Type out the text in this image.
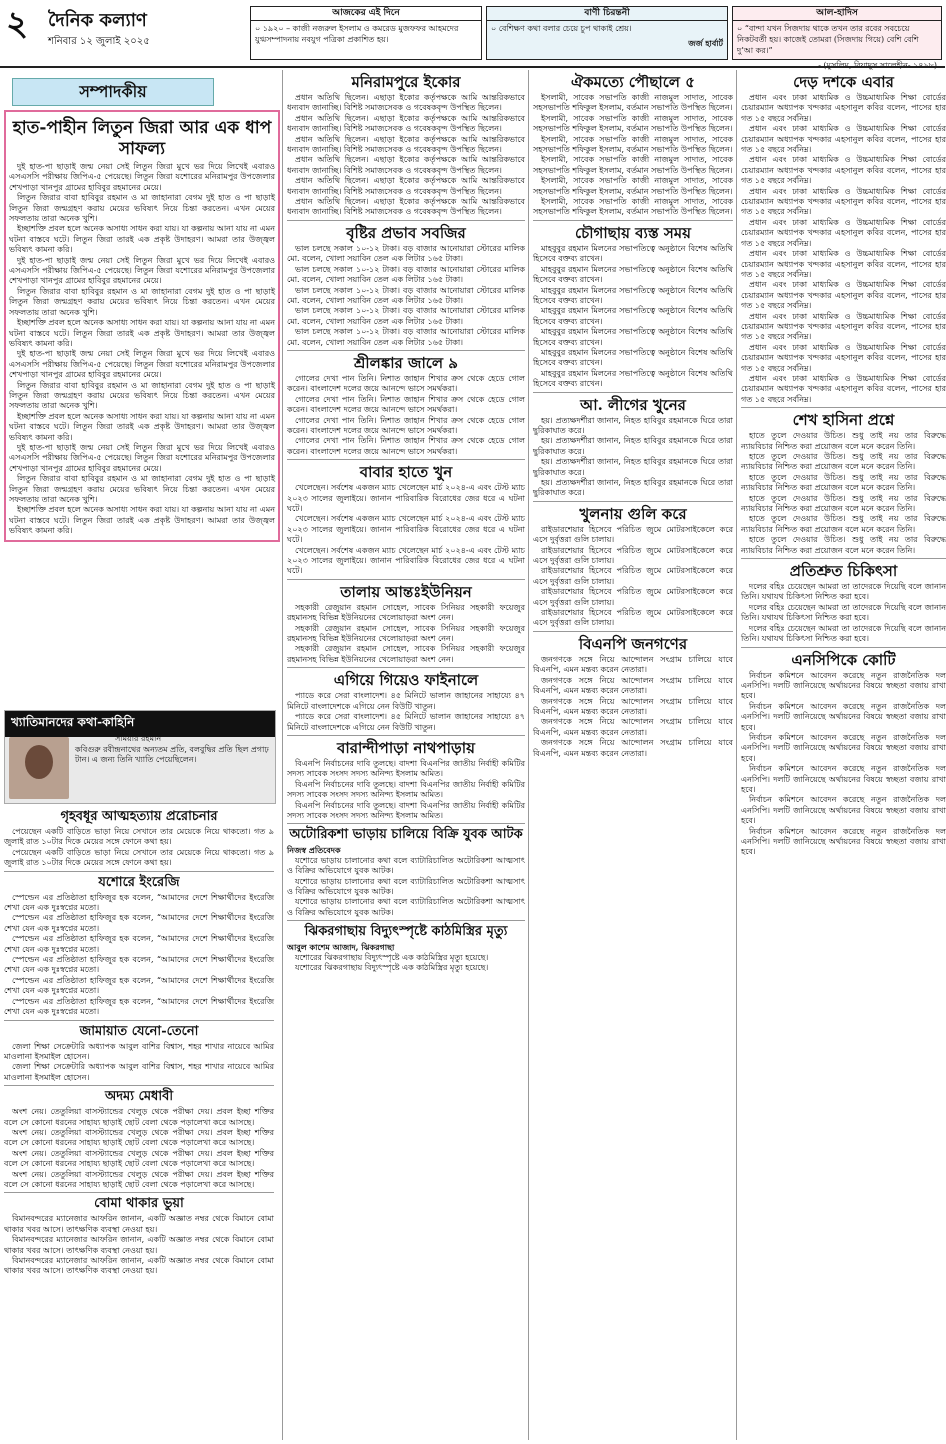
২	দৈনিক কল্যাণ
শনিবার ১২ জুলাই ২০২৫
আজকের এই দিনে
০ ১৯২০ – কাজী নজরুল ইসলাম ও কমরেড মুজফফর আহমদের যুগ্মসম্পাদনায় নবযুগ পত্রিকা প্রকাশিত হয়।
বাণী চিরন্তনী
০ বেশিক্ষণ কথা বলার চেয়ে চুপ থাকাই শ্রেয়।
জর্জ হার্বার্ট
আল-হাদিস
০ “বান্দা যখন সিজদায় থাকে তখন তার রবের সবচেয়ে নিকটবর্তী হয়। কাজেই তোমরা (সিজদায় গিয়ে) বেশি বেশি দু’আ কর।”
সম্পাদকীয়
হাত-পাহীন লিতুন জিরা আর এক ধাপ সাফল্য

দুই হাত-পা ছাড়াই জন্ম নেয়া সেই লিতুন জিরা মুখে ভর দিয়ে লিখেই এবারও এসএসসি পরীক্ষায় জিপিএ-৫ পেয়েছে। লিতুন জিরা যশোরের মনিরামপুর উপজেলার শেখপাড়া খানপুর গ্রামের হাবিবুর রহমানের মেয়ে।

লিতুন জিরার বাবা হাবিবুর রহমান ও মা জাহানারা বেগম দুই হাত ও পা ছাড়াই লিতুন জিরা জন্মগ্রহণ করায় মেয়ের ভবিষ্যৎ নিয়ে চিন্তা করতেন। এখন মেয়ের সফলতায় তারা অনেক খুশি।

ইচ্ছাশক্তি প্রবল হলে অনেক অসাধ্য সাধন করা যায়। যা কল্পনায় আনা যায় না এমন ঘটনা বাস্তবে ঘটে। লিতুন জিরা তারই এক প্রকৃষ্ট উদাহরণ। আমরা তার উজ্জ্বল ভবিষ্যৎ কামনা করি।

দুই হাত-পা ছাড়াই জন্ম নেয়া সেই লিতুন জিরা মুখে ভর দিয়ে লিখেই এবারও এসএসসি পরীক্ষায় জিপিএ-৫ পেয়েছে। লিতুন জিরা যশোরের মনিরামপুর উপজেলার শেখপাড়া খানপুর গ্রামের হাবিবুর রহমানের মেয়ে।

লিতুন জিরার বাবা হাবিবুর রহমান ও মা জাহানারা বেগম দুই হাত ও পা ছাড়াই লিতুন জিরা জন্মগ্রহণ করায় মেয়ের ভবিষ্যৎ নিয়ে চিন্তা করতেন। এখন মেয়ের সফলতায় তারা অনেক খুশি।

ইচ্ছাশক্তি প্রবল হলে অনেক অসাধ্য সাধন করা যায়। যা কল্পনায় আনা যায় না এমন ঘটনা বাস্তবে ঘটে। লিতুন জিরা তারই এক প্রকৃষ্ট উদাহরণ। আমরা তার উজ্জ্বল ভবিষ্যৎ কামনা করি।

দুই হাত-পা ছাড়াই জন্ম নেয়া সেই লিতুন জিরা মুখে ভর দিয়ে লিখেই এবারও এসএসসি পরীক্ষায় জিপিএ-৫ পেয়েছে। লিতুন জিরা যশোরের মনিরামপুর উপজেলার শেখপাড়া খানপুর গ্রামের হাবিবুর রহমানের মেয়ে।

লিতুন জিরার বাবা হাবিবুর রহমান ও মা জাহানারা বেগম দুই হাত ও পা ছাড়াই লিতুন জিরা জন্মগ্রহণ করায় মেয়ের ভবিষ্যৎ নিয়ে চিন্তা করতেন। এখন মেয়ের সফলতায় তারা অনেক খুশি।

ইচ্ছাশক্তি প্রবল হলে অনেক অসাধ্য সাধন করা যায়। যা কল্পনায় আনা যায় না এমন ঘটনা বাস্তবে ঘটে। লিতুন জিরা তারই এক প্রকৃষ্ট উদাহরণ। আমরা তার উজ্জ্বল ভবিষ্যৎ কামনা করি।

দুই হাত-পা ছাড়াই জন্ম নেয়া সেই লিতুন জিরা মুখে ভর দিয়ে লিখেই এবারও এসএসসি পরীক্ষায় জিপিএ-৫ পেয়েছে। লিতুন জিরা যশোরের মনিরামপুর উপজেলার শেখপাড়া খানপুর গ্রামের হাবিবুর রহমানের মেয়ে।

লিতুন জিরার বাবা হাবিবুর রহমান ও মা জাহানারা বেগম দুই হাত ও পা ছাড়াই লিতুন জিরা জন্মগ্রহণ করায় মেয়ের ভবিষ্যৎ নিয়ে চিন্তা করতেন। এখন মেয়ের সফলতায় তারা অনেক খুশি।

ইচ্ছাশক্তি প্রবল হলে অনেক অসাধ্য সাধন করা যায়। যা কল্পনায় আনা যায় না এমন ঘটনা বাস্তবে ঘটে। লিতুন জিরা তারই এক প্রকৃষ্ট উদাহরণ। আমরা তার উজ্জ্বল ভবিষ্যৎ কামনা করি।

খ্যাতিমানদের কথা-কাহিনি
সমিয়ার রহমান
কবিগুরু রবীন্দ্রনাথের অন্যতম প্রতি, বলবুদ্বির প্রতি ছিল প্রগাঢ় টান। এ জন্য তিনি খ্যাতি পেয়েছিলেন।
গৃহবধূর আত্মহত্যায় প্ররোচনার

পেয়েছেন একটি বাড়িতে ভাড়া নিয়ে সেখানে তার মেয়েকে নিয়ে থাকতো। গত ৯ জুলাই রাত ১০টার দিকে মেয়ের সঙ্গে ফোনে কথা হয়।

পেয়েছেন একটি বাড়িতে ভাড়া নিয়ে সেখানে তার মেয়েকে নিয়ে থাকতো। গত ৯ জুলাই রাত ১০টার দিকে মেয়ের সঙ্গে ফোনে কথা হয়।

যশোরে ইংরেজি

স্পেল্ডেন এর প্রতিষ্ঠাতা হাফিজুর হক বলেন, “আমাদের দেশে শিক্ষার্থীদের ইংরেজি শেখা যেন এক দুঃস্বপ্নের মতো।

স্পেল্ডেন এর প্রতিষ্ঠাতা হাফিজুর হক বলেন, “আমাদের দেশে শিক্ষার্থীদের ইংরেজি শেখা যেন এক দুঃস্বপ্নের মতো।

স্পেল্ডেন এর প্রতিষ্ঠাতা হাফিজুর হক বলেন, “আমাদের দেশে শিক্ষার্থীদের ইংরেজি শেখা যেন এক দুঃস্বপ্নের মতো।

স্পেল্ডেন এর প্রতিষ্ঠাতা হাফিজুর হক বলেন, “আমাদের দেশে শিক্ষার্থীদের ইংরেজি শেখা যেন এক দুঃস্বপ্নের মতো।

স্পেল্ডেন এর প্রতিষ্ঠাতা হাফিজুর হক বলেন, “আমাদের দেশে শিক্ষার্থীদের ইংরেজি শেখা যেন এক দুঃস্বপ্নের মতো।

স্পেল্ডেন এর প্রতিষ্ঠাতা হাফিজুর হক বলেন, “আমাদের দেশে শিক্ষার্থীদের ইংরেজি শেখা যেন এক দুঃস্বপ্নের মতো।

জামায়াত যেনো-তেনো

জেলা শিক্ষা সেক্রেটারি অধ্যাপক আবুল বাশির বিশ্বাস, শহর শাখার নায়েবে আমির মাওলানা ইসমাইল হোসেন।

জেলা শিক্ষা সেক্রেটারি অধ্যাপক আবুল বাশির বিশ্বাস, শহর শাখার নায়েবে আমির মাওলানা ইসমাইল হোসেন।

অদম্য মেধাবী

অংশ নেয়। তেতুলিয়া বাসস্ট্যান্ডের খেলুড় থেকে পরীক্ষা দেয়। প্রবল ইচ্ছা শক্তির বলে সে কোনো ধরনের সাহায্য ছাড়াই ছোট বেলা থেকে পড়ালেখা করে আসছে।

অংশ নেয়। তেতুলিয়া বাসস্ট্যান্ডের খেলুড় থেকে পরীক্ষা দেয়। প্রবল ইচ্ছা শক্তির বলে সে কোনো ধরনের সাহায্য ছাড়াই ছোট বেলা থেকে পড়ালেখা করে আসছে।

অংশ নেয়। তেতুলিয়া বাসস্ট্যান্ডের খেলুড় থেকে পরীক্ষা দেয়। প্রবল ইচ্ছা শক্তির বলে সে কোনো ধরনের সাহায্য ছাড়াই ছোট বেলা থেকে পড়ালেখা করে আসছে।

অংশ নেয়। তেতুলিয়া বাসস্ট্যান্ডের খেলুড় থেকে পরীক্ষা দেয়। প্রবল ইচ্ছা শক্তির বলে সে কোনো ধরনের সাহায্য ছাড়াই ছোট বেলা থেকে পড়ালেখা করে আসছে।

বোমা থাকার ভুয়া

বিমানবন্দরের ম্যানেজার আফরিন জানান, একটি অজ্ঞাত নম্বর থেকে বিমানে বোমা থাকার খবর আসে। তাৎক্ষণিক ব্যবস্থা নেওয়া হয়।

বিমানবন্দরের ম্যানেজার আফরিন জানান, একটি অজ্ঞাত নম্বর থেকে বিমানে বোমা থাকার খবর আসে। তাৎক্ষণিক ব্যবস্থা নেওয়া হয়।

বিমানবন্দরের ম্যানেজার আফরিন জানান, একটি অজ্ঞাত নম্বর থেকে বিমানে বোমা থাকার খবর আসে। তাৎক্ষণিক ব্যবস্থা নেওয়া হয়।

মনিরামপুরে ইকোর

প্রধান অতিথি ছিলেন। এছাড়া ইকোর কর্তৃপক্ষকে আমি আন্তরিকভাবে ধন্যবাদ জানাচ্ছি। বিশিষ্ট সমাজসেবক ও গবেষকবৃন্দ উপস্থিত ছিলেন।

প্রধান অতিথি ছিলেন। এছাড়া ইকোর কর্তৃপক্ষকে আমি আন্তরিকভাবে ধন্যবাদ জানাচ্ছি। বিশিষ্ট সমাজসেবক ও গবেষকবৃন্দ উপস্থিত ছিলেন।

প্রধান অতিথি ছিলেন। এছাড়া ইকোর কর্তৃপক্ষকে আমি আন্তরিকভাবে ধন্যবাদ জানাচ্ছি। বিশিষ্ট সমাজসেবক ও গবেষকবৃন্দ উপস্থিত ছিলেন।

প্রধান অতিথি ছিলেন। এছাড়া ইকোর কর্তৃপক্ষকে আমি আন্তরিকভাবে ধন্যবাদ জানাচ্ছি। বিশিষ্ট সমাজসেবক ও গবেষকবৃন্দ উপস্থিত ছিলেন।

প্রধান অতিথি ছিলেন। এছাড়া ইকোর কর্তৃপক্ষকে আমি আন্তরিকভাবে ধন্যবাদ জানাচ্ছি। বিশিষ্ট সমাজসেবক ও গবেষকবৃন্দ উপস্থিত ছিলেন।

প্রধান অতিথি ছিলেন। এছাড়া ইকোর কর্তৃপক্ষকে আমি আন্তরিকভাবে ধন্যবাদ জানাচ্ছি। বিশিষ্ট সমাজসেবক ও গবেষকবৃন্দ উপস্থিত ছিলেন।

বৃষ্টির প্রভাব সবজির

ভাল চলছে সকাল ১০-১২ টাকা। বড় বাজার আনোয়ারা স্টোরের মালিক মো. বলেন, খোলা সয়াবিন তেল এক লিটার ১৬৫ টাকা।

ভাল চলছে সকাল ১০-১২ টাকা। বড় বাজার আনোয়ারা স্টোরের মালিক মো. বলেন, খোলা সয়াবিন তেল এক লিটার ১৬৫ টাকা।

ভাল চলছে সকাল ১০-১২ টাকা। বড় বাজার আনোয়ারা স্টোরের মালিক মো. বলেন, খোলা সয়াবিন তেল এক লিটার ১৬৫ টাকা।

ভাল চলছে সকাল ১০-১২ টাকা। বড় বাজার আনোয়ারা স্টোরের মালিক মো. বলেন, খোলা সয়াবিন তেল এক লিটার ১৬৫ টাকা।

ভাল চলছে সকাল ১০-১২ টাকা। বড় বাজার আনোয়ারা স্টোরের মালিক মো. বলেন, খোলা সয়াবিন তেল এক লিটার ১৬৫ টাকা।

শ্রীলঙ্কার জালে ৯

গোলের দেখা পান তিনি। নিশাত জাহান শিখার ক্রস থেকে হেডে গোল করেন। বাংলাদেশ দলের জয়ে আনন্দে ভাসে সমর্থকরা।

গোলের দেখা পান তিনি। নিশাত জাহান শিখার ক্রস থেকে হেডে গোল করেন। বাংলাদেশ দলের জয়ে আনন্দে ভাসে সমর্থকরা।

গোলের দেখা পান তিনি। নিশাত জাহান শিখার ক্রস থেকে হেডে গোল করেন। বাংলাদেশ দলের জয়ে আনন্দে ভাসে সমর্থকরা।

গোলের দেখা পান তিনি। নিশাত জাহান শিখার ক্রস থেকে হেডে গোল করেন। বাংলাদেশ দলের জয়ে আনন্দে ভাসে সমর্থকরা।

বাবার হাতে খুন

খেলেছেন। সর্বশেষ একজন ম্যাচ খেলেছেন মার্চ ২০২৪-এ এবং টেস্ট ম্যাচ ২০২৩ সালের জুলাইয়ে। জানান পারিবারিক বিরোধের জের ধরে এ ঘটনা ঘটে।

খেলেছেন। সর্বশেষ একজন ম্যাচ খেলেছেন মার্চ ২০২৪-এ এবং টেস্ট ম্যাচ ২০২৩ সালের জুলাইয়ে। জানান পারিবারিক বিরোধের জের ধরে এ ঘটনা ঘটে।

খেলেছেন। সর্বশেষ একজন ম্যাচ খেলেছেন মার্চ ২০২৪-এ এবং টেস্ট ম্যাচ ২০২৩ সালের জুলাইয়ে। জানান পারিবারিক বিরোধের জের ধরে এ ঘটনা ঘটে।

তালায় আন্তঃইউনিয়ন

সহকারী রেজুয়ান রহমান সোহেল, সাবেক সিনিয়র সহকারী ফয়েজুর রহমানসহ বিভিন্ন ইউনিয়নের খেলোয়াড়রা অংশ নেন।

সহকারী রেজুয়ান রহমান সোহেল, সাবেক সিনিয়র সহকারী ফয়েজুর রহমানসহ বিভিন্ন ইউনিয়নের খেলোয়াড়রা অংশ নেন।

সহকারী রেজুয়ান রহমান সোহেল, সাবেক সিনিয়র সহকারী ফয়েজুর রহমানসহ বিভিন্ন ইউনিয়নের খেলোয়াড়রা অংশ নেন।

এগিয়ে গিয়েও ফাইনালে

প্যাডে করে সেরা বাংলাদেশ। ৪৫ মিনিটে ভালান জাহানের সাহায্যে ৪৭ মিনিটে বাংলাদেশকে এগিয়ে নেন বিউটি খাতুন।

প্যাডে করে সেরা বাংলাদেশ। ৪৫ মিনিটে ভালান জাহানের সাহায্যে ৪৭ মিনিটে বাংলাদেশকে এগিয়ে নেন বিউটি খাতুন।

বারান্দীপাড়া নাথপাড়ায়

বিএনপি নির্বাচনের দাবি তুলছে। বাদশা বিএনপির জাতীয় নির্বাহী কমিটির সদস্য সাবেক সংসদ সদস্য অনিন্দ্য ইসলাম অমিত।

বিএনপি নির্বাচনের দাবি তুলছে। বাদশা বিএনপির জাতীয় নির্বাহী কমিটির সদস্য সাবেক সংসদ সদস্য অনিন্দ্য ইসলাম অমিত।

বিএনপি নির্বাচনের দাবি তুলছে। বাদশা বিএনপির জাতীয় নির্বাহী কমিটির সদস্য সাবেক সংসদ সদস্য অনিন্দ্য ইসলাম অমিত।

অটোরিকশা ভাড়ায় চালিয়ে বিক্রি যুবক আটক
নিজস্ব প্রতিবেদক

যশোরে ভাড়ায় চালানোর কথা বলে ব্যাটারিচালিত অটোরিকশা আত্মসাৎ ও বিক্রির অভিযোগে যুবক আটক।

যশোরে ভাড়ায় চালানোর কথা বলে ব্যাটারিচালিত অটোরিকশা আত্মসাৎ ও বিক্রির অভিযোগে যুবক আটক।

যশোরে ভাড়ায় চালানোর কথা বলে ব্যাটারিচালিত অটোরিকশা আত্মসাৎ ও বিক্রির অভিযোগে যুবক আটক।

ঝিকরগাছায় বিদ্যুৎস্পৃষ্টে কাঠমিস্ত্রির মৃত্যু
আবুল কাশেম আজাদ, ঝিকরগাছা

যশোরের ঝিকরগাছায় বিদ্যুৎস্পৃষ্টে এক কাঠমিস্ত্রির মৃত্যু হয়েছে।

যশোরের ঝিকরগাছায় বিদ্যুৎস্পৃষ্টে এক কাঠমিস্ত্রির মৃত্যু হয়েছে।

ঐকমত্যে পৌছালে ৫

ইসলামী, সাবেক সভাপতি কাজী নাজমুল সাদাত, সাবেক সহসভাপতি শফিকুল ইসলাম, বর্তমান সভাপতি উপস্থিত ছিলেন।

ইসলামী, সাবেক সভাপতি কাজী নাজমুল সাদাত, সাবেক সহসভাপতি শফিকুল ইসলাম, বর্তমান সভাপতি উপস্থিত ছিলেন।

ইসলামী, সাবেক সভাপতি কাজী নাজমুল সাদাত, সাবেক সহসভাপতি শফিকুল ইসলাম, বর্তমান সভাপতি উপস্থিত ছিলেন।

ইসলামী, সাবেক সভাপতি কাজী নাজমুল সাদাত, সাবেক সহসভাপতি শফিকুল ইসলাম, বর্তমান সভাপতি উপস্থিত ছিলেন।

ইসলামী, সাবেক সভাপতি কাজী নাজমুল সাদাত, সাবেক সহসভাপতি শফিকুল ইসলাম, বর্তমান সভাপতি উপস্থিত ছিলেন।

ইসলামী, সাবেক সভাপতি কাজী নাজমুল সাদাত, সাবেক সহসভাপতি শফিকুল ইসলাম, বর্তমান সভাপতি উপস্থিত ছিলেন।

চৌগাছায় ব্যস্ত সময়

মাহবুবুর রহমান মিলনের সভাপতিত্বে অনুষ্ঠানে বিশেষ অতিথি হিসেবে বক্তব্য রাখেন।

মাহবুবুর রহমান মিলনের সভাপতিত্বে অনুষ্ঠানে বিশেষ অতিথি হিসেবে বক্তব্য রাখেন।

মাহবুবুর রহমান মিলনের সভাপতিত্বে অনুষ্ঠানে বিশেষ অতিথি হিসেবে বক্তব্য রাখেন।

মাহবুবুর রহমান মিলনের সভাপতিত্বে অনুষ্ঠানে বিশেষ অতিথি হিসেবে বক্তব্য রাখেন।

মাহবুবুর রহমান মিলনের সভাপতিত্বে অনুষ্ঠানে বিশেষ অতিথি হিসেবে বক্তব্য রাখেন।

মাহবুবুর রহমান মিলনের সভাপতিত্বে অনুষ্ঠানে বিশেষ অতিথি হিসেবে বক্তব্য রাখেন।

মাহবুবুর রহমান মিলনের সভাপতিত্বে অনুষ্ঠানে বিশেষ অতিথি হিসেবে বক্তব্য রাখেন।

আ. লীগের খুনের

হয়। প্রত্যক্ষদর্শীরা জানান, নিহত হাবিবুর রহমানকে ঘিরে তারা ছুরিকাঘাত করে।

হয়। প্রত্যক্ষদর্শীরা জানান, নিহত হাবিবুর রহমানকে ঘিরে তারা ছুরিকাঘাত করে।

হয়। প্রত্যক্ষদর্শীরা জানান, নিহত হাবিবুর রহমানকে ঘিরে তারা ছুরিকাঘাত করে।

হয়। প্রত্যক্ষদর্শীরা জানান, নিহত হাবিবুর রহমানকে ঘিরে তারা ছুরিকাঘাত করে।

খুলনায় গুলি করে

রাইডারশেয়ার হিসেবে পরিচিত জুমে মোটরসাইকেলে করে এসে দুর্বৃত্তরা গুলি চালায়।

রাইডারশেয়ার হিসেবে পরিচিত জুমে মোটরসাইকেলে করে এসে দুর্বৃত্তরা গুলি চালায়।

রাইডারশেয়ার হিসেবে পরিচিত জুমে মোটরসাইকেলে করে এসে দুর্বৃত্তরা গুলি চালায়।

রাইডারশেয়ার হিসেবে পরিচিত জুমে মোটরসাইকেলে করে এসে দুর্বৃত্তরা গুলি চালায়।

রাইডারশেয়ার হিসেবে পরিচিত জুমে মোটরসাইকেলে করে এসে দুর্বৃত্তরা গুলি চালায়।

বিএনপি জনগণের

জনগণকে সঙ্গে নিয়ে আন্দোলন সংগ্রাম চালিয়ে যাবে বিএনপি, এমন মন্তব্য করেন নেতারা।

জনগণকে সঙ্গে নিয়ে আন্দোলন সংগ্রাম চালিয়ে যাবে বিএনপি, এমন মন্তব্য করেন নেতারা।

জনগণকে সঙ্গে নিয়ে আন্দোলন সংগ্রাম চালিয়ে যাবে বিএনপি, এমন মন্তব্য করেন নেতারা।

জনগণকে সঙ্গে নিয়ে আন্দোলন সংগ্রাম চালিয়ে যাবে বিএনপি, এমন মন্তব্য করেন নেতারা।

জনগণকে সঙ্গে নিয়ে আন্দোলন সংগ্রাম চালিয়ে যাবে বিএনপি, এমন মন্তব্য করেন নেতারা।

দেড় দশকে এবার

প্রধান এবং ঢাকা মাধ্যমিক ও উচ্চমাধ্যমিক শিক্ষা বোর্ডের চেয়ারম্যান অধ্যাপক খন্দকার এহসানুল কবির বলেন, পাসের হার গত ১৫ বছরে সর্বনিম্ন।

প্রধান এবং ঢাকা মাধ্যমিক ও উচ্চমাধ্যমিক শিক্ষা বোর্ডের চেয়ারম্যান অধ্যাপক খন্দকার এহসানুল কবির বলেন, পাসের হার গত ১৫ বছরে সর্বনিম্ন।

প্রধান এবং ঢাকা মাধ্যমিক ও উচ্চমাধ্যমিক শিক্ষা বোর্ডের চেয়ারম্যান অধ্যাপক খন্দকার এহসানুল কবির বলেন, পাসের হার গত ১৫ বছরে সর্বনিম্ন।

প্রধান এবং ঢাকা মাধ্যমিক ও উচ্চমাধ্যমিক শিক্ষা বোর্ডের চেয়ারম্যান অধ্যাপক খন্দকার এহসানুল কবির বলেন, পাসের হার গত ১৫ বছরে সর্বনিম্ন।

প্রধান এবং ঢাকা মাধ্যমিক ও উচ্চমাধ্যমিক শিক্ষা বোর্ডের চেয়ারম্যান অধ্যাপক খন্দকার এহসানুল কবির বলেন, পাসের হার গত ১৫ বছরে সর্বনিম্ন।

প্রধান এবং ঢাকা মাধ্যমিক ও উচ্চমাধ্যমিক শিক্ষা বোর্ডের চেয়ারম্যান অধ্যাপক খন্দকার এহসানুল কবির বলেন, পাসের হার গত ১৫ বছরে সর্বনিম্ন।

প্রধান এবং ঢাকা মাধ্যমিক ও উচ্চমাধ্যমিক শিক্ষা বোর্ডের চেয়ারম্যান অধ্যাপক খন্দকার এহসানুল কবির বলেন, পাসের হার গত ১৫ বছরে সর্বনিম্ন।

প্রধান এবং ঢাকা মাধ্যমিক ও উচ্চমাধ্যমিক শিক্ষা বোর্ডের চেয়ারম্যান অধ্যাপক খন্দকার এহসানুল কবির বলেন, পাসের হার গত ১৫ বছরে সর্বনিম্ন।

প্রধান এবং ঢাকা মাধ্যমিক ও উচ্চমাধ্যমিক শিক্ষা বোর্ডের চেয়ারম্যান অধ্যাপক খন্দকার এহসানুল কবির বলেন, পাসের হার গত ১৫ বছরে সর্বনিম্ন।

প্রধান এবং ঢাকা মাধ্যমিক ও উচ্চমাধ্যমিক শিক্ষা বোর্ডের চেয়ারম্যান অধ্যাপক খন্দকার এহসানুল কবির বলেন, পাসের হার গত ১৫ বছরে সর্বনিম্ন।

শেখ হাসিনা প্রশ্নে

হাতে তুলে দেওয়ার উচিত। শুধু তাই নয় তার বিরুদ্ধে ন্যায়বিচার নিশ্চিত করা প্রয়োজন বলে মনে করেন তিনি।

হাতে তুলে দেওয়ার উচিত। শুধু তাই নয় তার বিরুদ্ধে ন্যায়বিচার নিশ্চিত করা প্রয়োজন বলে মনে করেন তিনি।

হাতে তুলে দেওয়ার উচিত। শুধু তাই নয় তার বিরুদ্ধে ন্যায়বিচার নিশ্চিত করা প্রয়োজন বলে মনে করেন তিনি।

হাতে তুলে দেওয়ার উচিত। শুধু তাই নয় তার বিরুদ্ধে ন্যায়বিচার নিশ্চিত করা প্রয়োজন বলে মনে করেন তিনি।

হাতে তুলে দেওয়ার উচিত। শুধু তাই নয় তার বিরুদ্ধে ন্যায়বিচার নিশ্চিত করা প্রয়োজন বলে মনে করেন তিনি।

হাতে তুলে দেওয়ার উচিত। শুধু তাই নয় তার বিরুদ্ধে ন্যায়বিচার নিশ্চিত করা প্রয়োজন বলে মনে করেন তিনি।

প্রতিশ্রুত চিকিৎসা

দলের বহিঃ চেয়েছেন আমরা তা তাদেরকে দিয়েছি বলে জানান তিনি। যথাযথ চিকিৎসা নিশ্চিত করা হবে।

দলের বহিঃ চেয়েছেন আমরা তা তাদেরকে দিয়েছি বলে জানান তিনি। যথাযথ চিকিৎসা নিশ্চিত করা হবে।

দলের বহিঃ চেয়েছেন আমরা তা তাদেরকে দিয়েছি বলে জানান তিনি। যথাযথ চিকিৎসা নিশ্চিত করা হবে।

এনসিপিকে কোটি

নির্বাচন কমিশনে আবেদন করেছে নতুন রাজনৈতিক দল এনসিপি। দলটি জানিয়েছে অর্থায়নের বিষয়ে স্বচ্ছতা বজায় রাখা হবে।

নির্বাচন কমিশনে আবেদন করেছে নতুন রাজনৈতিক দল এনসিপি। দলটি জানিয়েছে অর্থায়নের বিষয়ে স্বচ্ছতা বজায় রাখা হবে।

নির্বাচন কমিশনে আবেদন করেছে নতুন রাজনৈতিক দল এনসিপি। দলটি জানিয়েছে অর্থায়নের বিষয়ে স্বচ্ছতা বজায় রাখা হবে।

নির্বাচন কমিশনে আবেদন করেছে নতুন রাজনৈতিক দল এনসিপি। দলটি জানিয়েছে অর্থায়নের বিষয়ে স্বচ্ছতা বজায় রাখা হবে।

নির্বাচন কমিশনে আবেদন করেছে নতুন রাজনৈতিক দল এনসিপি। দলটি জানিয়েছে অর্থায়নের বিষয়ে স্বচ্ছতা বজায় রাখা হবে।

নির্বাচন কমিশনে আবেদন করেছে নতুন রাজনৈতিক দল এনসিপি। দলটি জানিয়েছে অর্থায়নের বিষয়ে স্বচ্ছতা বজায় রাখা হবে।
